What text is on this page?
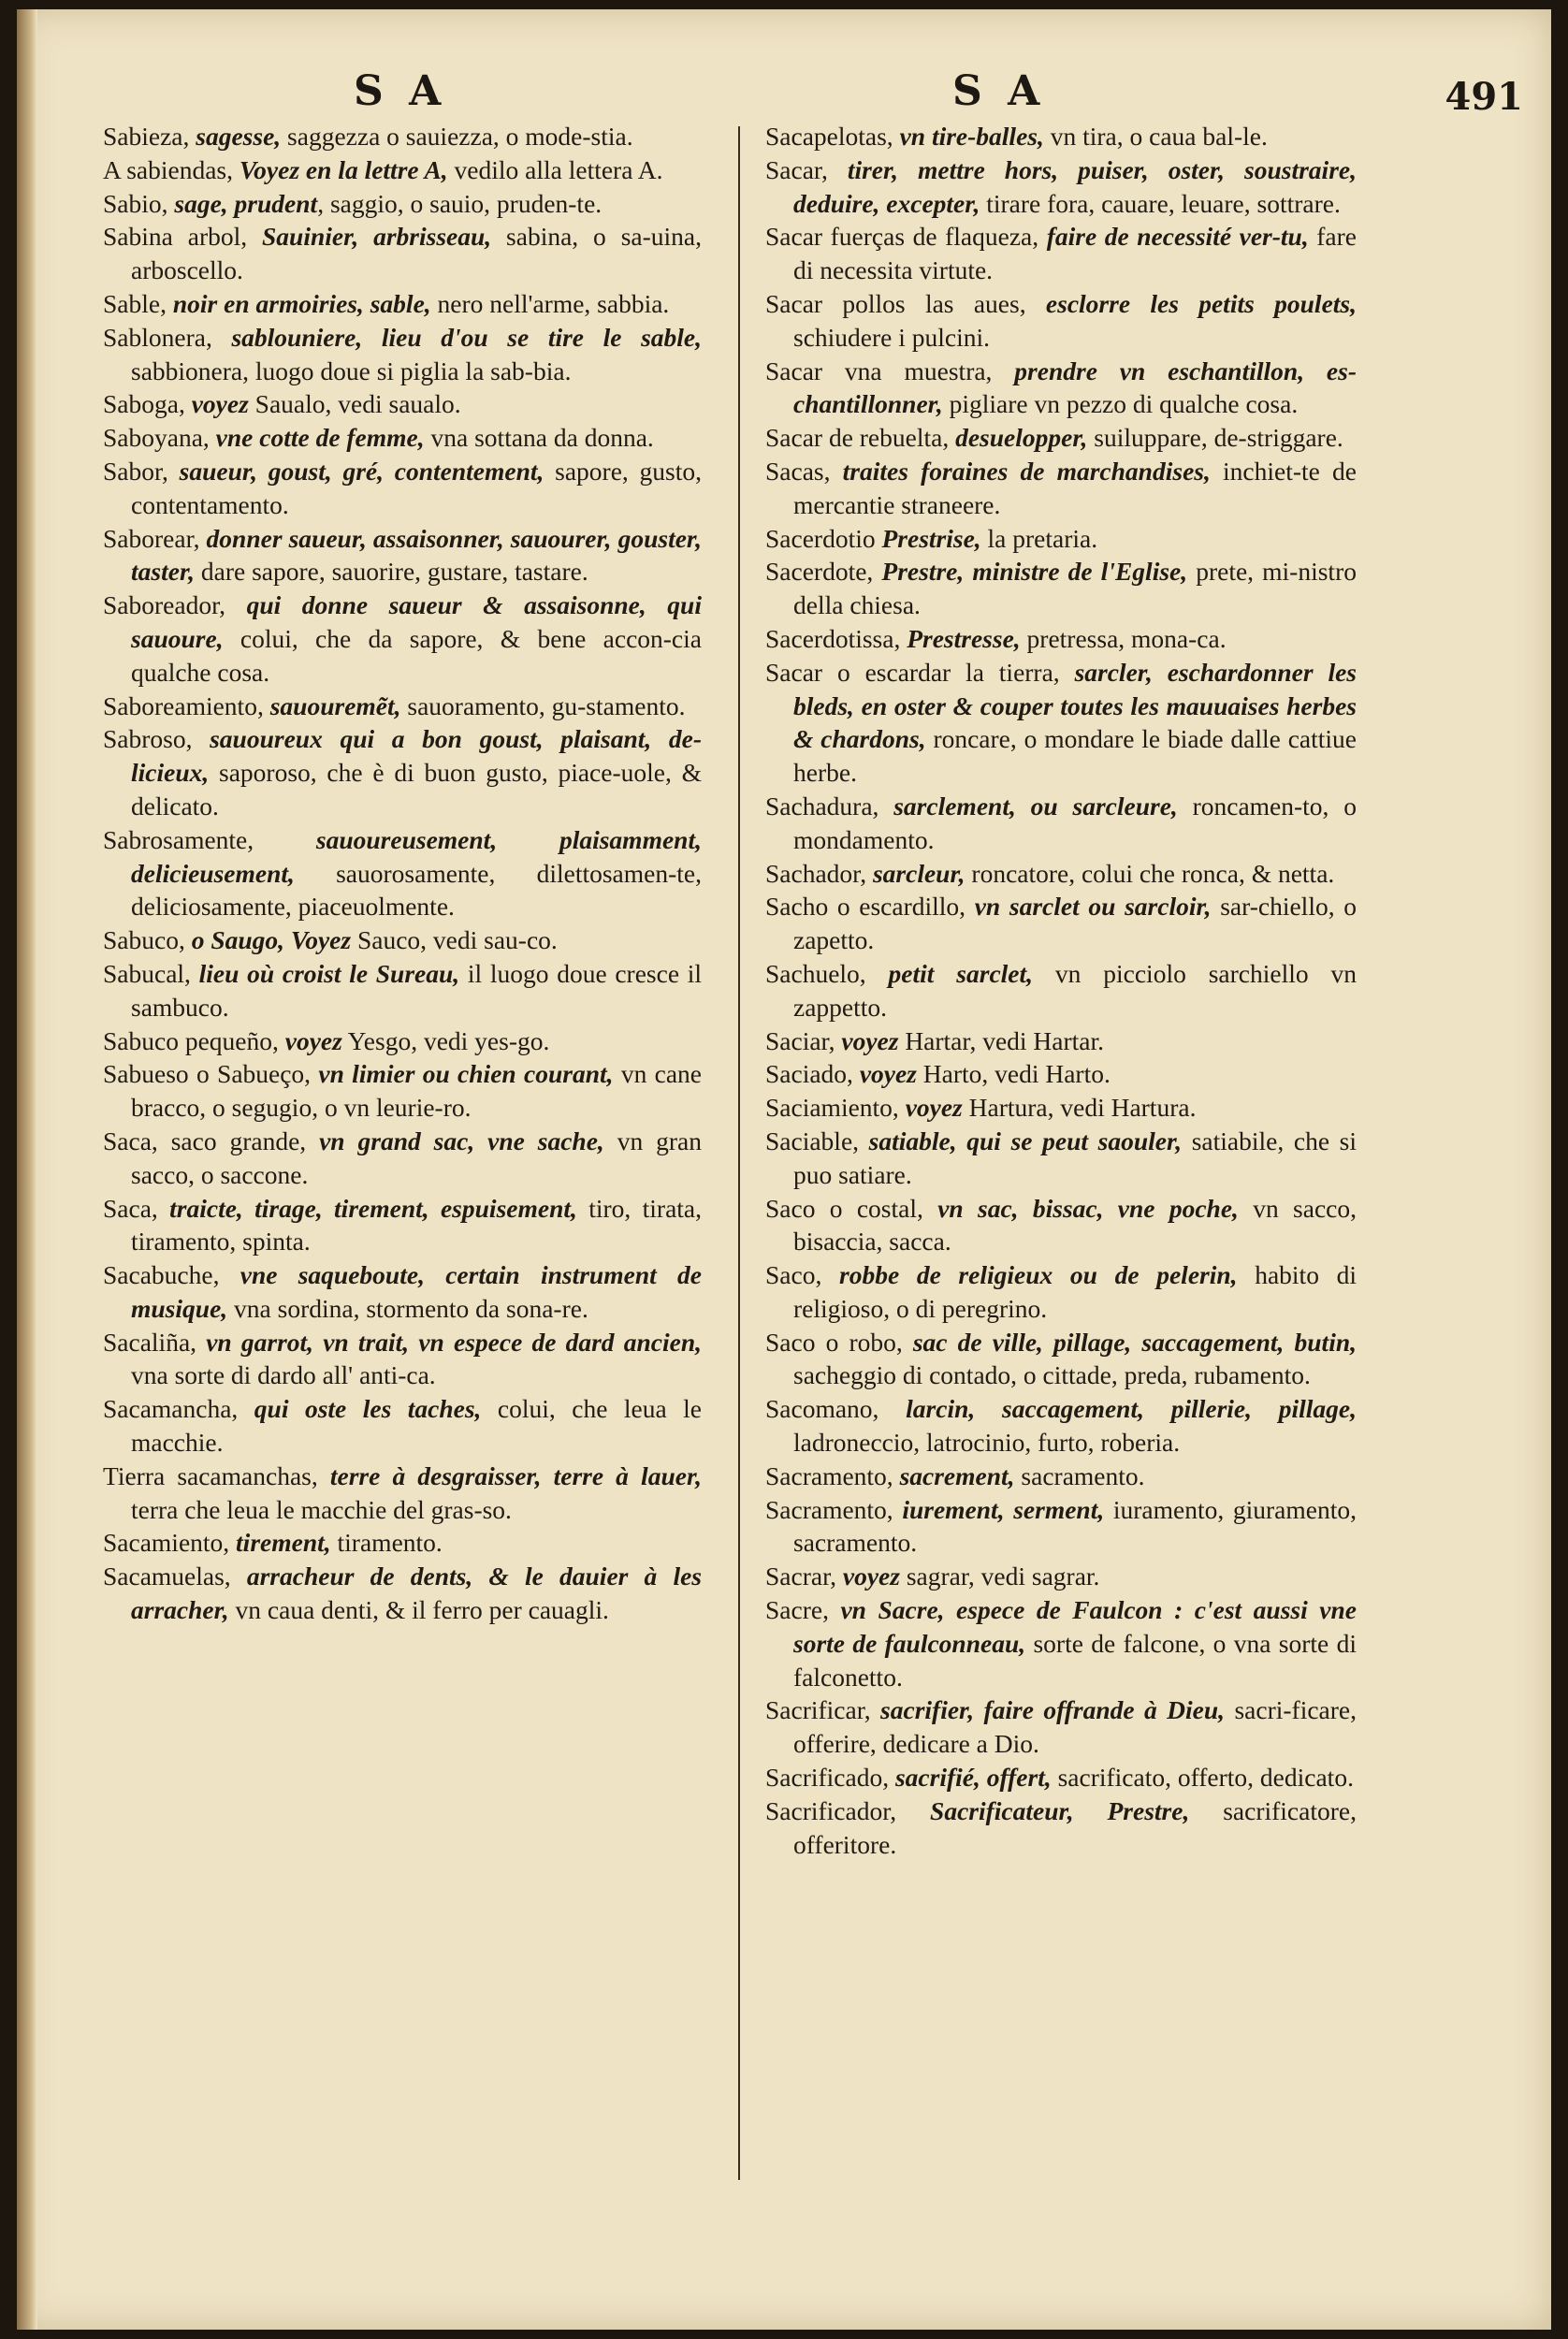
S A	S A	491

Sabieza, sagesse, saggezza o sauiezza, o mode-stia.

A sabiendas, Voyez en la lettre A, vedilo alla lettera A.

Sabio, sage, prudent, saggio, o sauio, pruden-te.

Sabina arbol, Sauinier, arbrisseau, sabina, o sa-uina, arboscello.

Sable, noir en armoiries, sable, nero nell'arme, sabbia.

Sablonera, sablouniere, lieu d'ou se tire le sable, sabbionera, luogo doue si piglia la sab-bia.

Saboga, voyez Saualo, vedi saualo.

Saboyana, vne cotte de femme, vna sottana da donna.

Sabor, saueur, goust, gré, contentement, sapore, gusto, contentamento.

Saborear, donner saueur, assaisonner, sauourer, gouster, taster, dare sapore, sauorire, gustare, tastare.

Saboreador, qui donne saueur & assaisonne, qui sauoure, colui, che da sapore, & bene accon-cia qualche cosa.

Saboreamiento, sauouremẽt, sauoramento, gu-stamento.

Sabroso, sauoureux qui a bon goust, plaisant, de-licieux, saporoso, che è di buon gusto, piace-uole, & delicato.

Sabrosamente, sauoureusement, plaisamment, delicieusement, sauorosamente, dilettosamen-te, deliciosamente, piaceuolmente.

Sabuco, o Saugo, Voyez Sauco, vedi sau-co.

Sabucal, lieu où croist le Sureau, il luogo doue cresce il sambuco.

Sabuco pequeño, voyez Yesgo, vedi yes-go.

Sabueso o Sabueço, vn limier ou chien courant, vn cane bracco, o segugio, o vn leurie-ro.

Saca, saco grande, vn grand sac, vne sache, vn gran sacco, o saccone.

Saca, traicte, tirage, tirement, espuisement, tiro, tirata, tiramento, spinta.

Sacabuche, vne saqueboute, certain instrument de musique, vna sordina, stormento da sona-re.

Sacaliña, vn garrot, vn trait, vn espece de dard ancien, vna sorte di dardo all' anti-ca.

Sacamancha, qui oste les taches, colui, che leua le macchie.

Tierra sacamanchas, terre à desgraisser, terre à lauer, terra che leua le macchie del gras-so.

Sacamiento, tirement, tiramento.

Sacamuelas, arracheur de dents, & le dauier à les arracher, vn caua denti, & il ferro per cauagli.

Sacapelotas, vn tire-balles, vn tira, o caua bal-le.

Sacar, tirer, mettre hors, puiser, oster, soustraire, deduire, excepter, tirare fora, cauare, leuare, sottrare.

Sacar fuerças de flaqueza, faire de necessité ver-tu, fare di necessita virtute.

Sacar pollos las aues, esclorre les petits poulets, schiudere i pulcini.

Sacar vna muestra, prendre vn eschantillon, es-chantillonner, pigliare vn pezzo di qualche cosa.

Sacar de rebuelta, desuelopper, suiluppare, de-striggare.

Sacas, traites foraines de marchandises, inchiet-te de mercantie straneere.

Sacerdotio Prestrise, la pretaria.

Sacerdote, Prestre, ministre de l'Eglise, prete, mi-nistro della chiesa.

Sacerdotissa, Prestresse, pretressa, mona-ca.

Sacar o escardar la tierra, sarcler, eschardonner les bleds, en oster & couper toutes les mauuaises herbes & chardons, roncare, o mondare le biade dalle cattiue herbe.

Sachadura, sarclement, ou sarcleure, roncamen-to, o mondamento.

Sachador, sarcleur, roncatore, colui che ronca, & netta.

Sacho o escardillo, vn sarclet ou sarcloir, sar-chiello, o zapetto.

Sachuelo, petit sarclet, vn picciolo sarchiello vn zappetto.

Saciar, voyez Hartar, vedi Hartar.

Saciado, voyez Harto, vedi Harto.

Saciamiento, voyez Hartura, vedi Hartura.

Saciable, satiable, qui se peut saouler, satiabile, che si puo satiare.

Saco o costal, vn sac, bissac, vne poche, vn sacco, bisaccia, sacca.

Saco, robbe de religieux ou de pelerin, habito di religioso, o di peregrino.

Saco o robo, sac de ville, pillage, saccagement, butin, sacheggio di contado, o cittade, preda, rubamento.

Sacomano, larcin, saccagement, pillerie, pillage, ladroneccio, latrocinio, furto, roberia.

Sacramento, sacrement, sacramento.

Sacramento, iurement, serment, iuramento, giuramento, sacramento.

Sacrar, voyez sagrar, vedi sagrar.

Sacre, vn Sacre, espece de Faulcon : c'est aussi vne sorte de faulconneau, sorte de falcone, o vna sorte di falconetto.

Sacrificar, sacrifier, faire offrande à Dieu, sacri-ficare, offerire, dedicare a Dio.

Sacrificado, sacrifié, offert, sacrificato, offerto, dedicato.

Sacrificador, Sacrificateur, Prestre, sacrificatore, offeritore.
